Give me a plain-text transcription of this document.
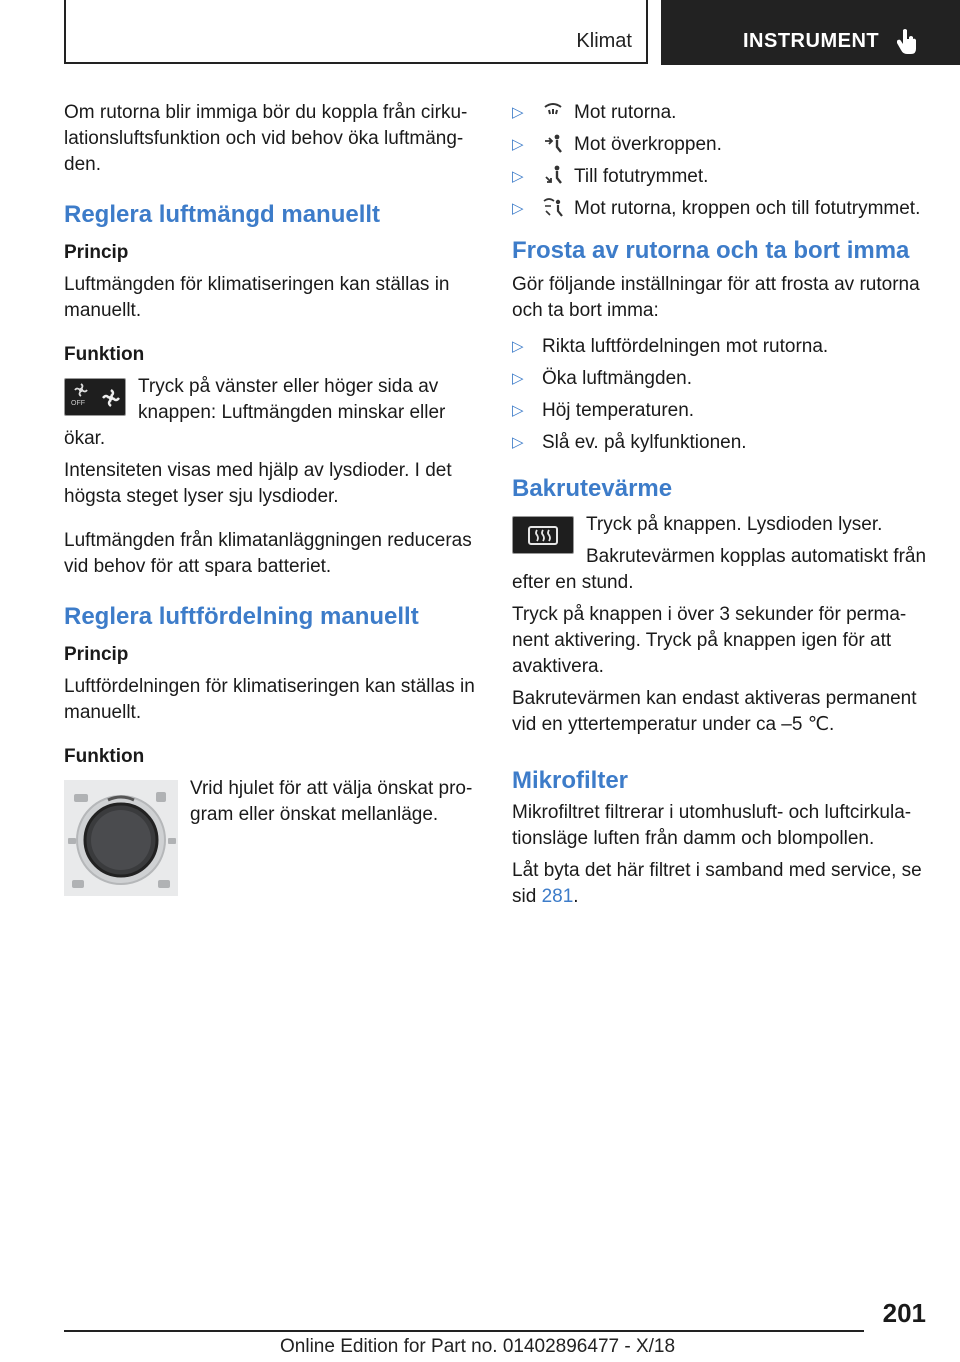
Klimat	INSTRUMENT

Om rutorna blir immiga bör du koppla från cirku-lationsluftsfunktion och vid behov öka luftmäng-den.

Reglera luftmängd manuellt
Princip

Luftmängden för klimatiseringen kan ställas in manuellt.

Funktion
OFF
Tryck på vänster eller höger sida av knappen: Luftmängden minskar eller ökar.

Intensiteten visas med hjälp av lysdioder. I det högsta steget lyser sju lysdioder.

Luftmängden från klimatanläggningen reduceras vid behov för att spara batteriet.

Reglera luftfördelning manuellt
Princip

Luftfördelningen för klimatiseringen kan ställas in manuellt.

Funktion
Vrid hjulet för att välja önskat pro-gram eller önskat mellanläge.
▷	Mot rutorna.
▷	Mot överkroppen.
▷	Till fotutrymmet.
▷	Mot rutorna, kroppen och till fotutrymmet.
Frosta av rutorna och ta bort imma

Gör följande inställningar för att frosta av rutorna och ta bort imma:

▷ Rikta luftfördelningen mot rutorna.
▷ Öka luftmängden.
▷ Höj temperaturen.
▷ Slå ev. på kylfunktionen.
Bakrutevärme

Tryck på knappen. Lysdioden lyser.

Bakrutevärmen kopplas automatiskt från efter en stund.

Tryck på knappen i över 3 sekunder för perma-nent aktivering. Tryck på knappen igen för att avaktivera.

Bakrutevärmen kan endast aktiveras permanent vid en yttertemperatur under ca –5 ℃.

Mikrofilter

Mikrofiltret filtrerar i utomhusluft- och luftcirkula-tionsläge luften från damm och blompollen.

Låt byta det här filtret i samband med service, se sid 281.

201
Online Edition for Part no. 01402896477 - X/18
